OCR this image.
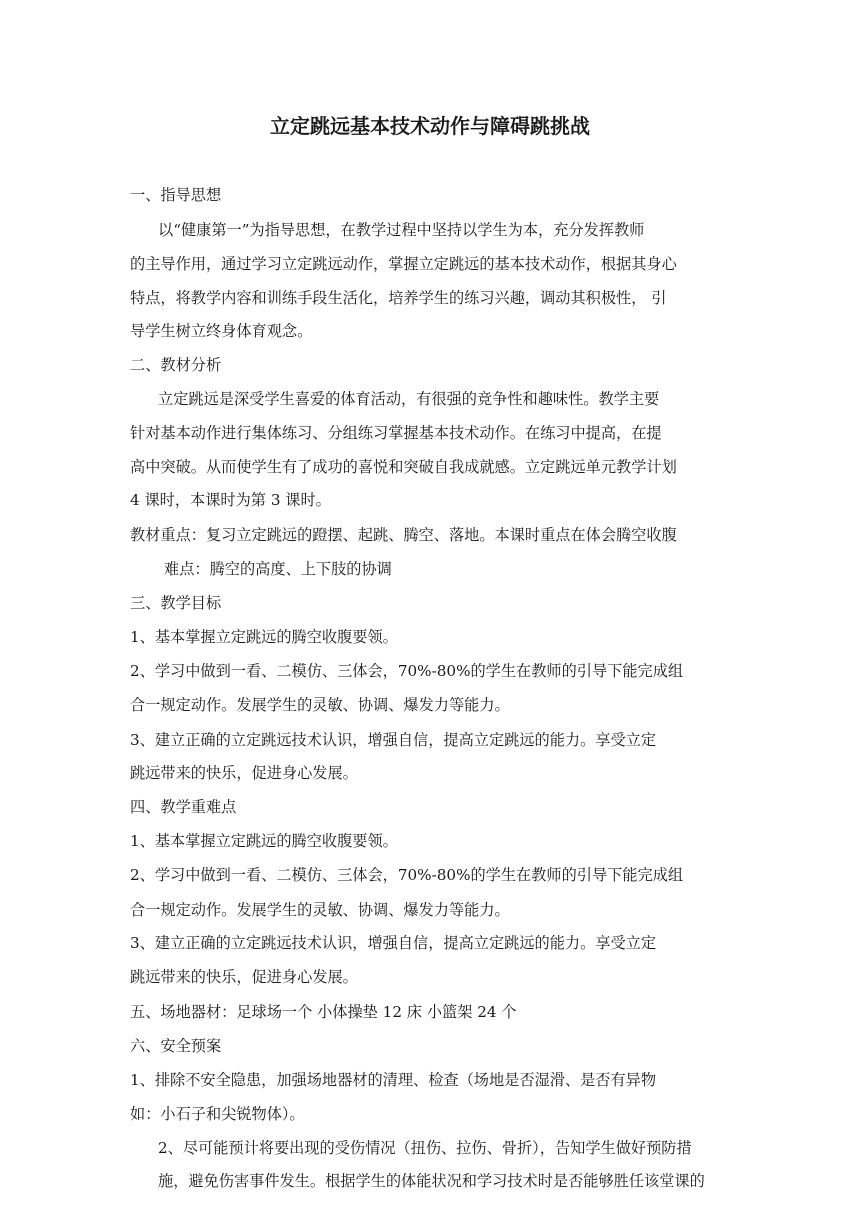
立定跳远基本技术动作与障碍跳挑战
一、指导思想
以“健康第一”为指导思想，在教学过程中坚持以学生为本，充分发挥教师
的主导作用，通过学习立定跳远动作，掌握立定跳远的基本技术动作，根据其身心
特点，将教学内容和训练手段生活化，培养学生的练习兴趣，调动其积极性， 引
导学生树立终身体育观念。
二、教材分析
立定跳远是深受学生喜爱的体育活动，有很强的竞争性和趣味性。教学主要
针对基本动作进行集体练习、分组练习掌握基本技术动作。在练习中提高，在提
高中突破。从而使学生有了成功的喜悦和突破自我成就感。立定跳远单元教学计划
4 课时，本课时为第 3 课时。
教材重点：复习立定跳远的蹬摆、起跳、腾空、落地。本课时重点在体会腾空收腹
难点：腾空的高度、上下肢的协调
三、教学目标
1、基本掌握立定跳远的腾空收腹要领。
2、学习中做到一看、二模仿、三体会，70%-80%的学生在教师的引导下能完成组
合一规定动作。发展学生的灵敏、协调、爆发力等能力。
3、建立正确的立定跳远技术认识，增强自信，提高立定跳远的能力。享受立定
跳远带来的快乐，促进身心发展。
四、教学重难点
1、基本掌握立定跳远的腾空收腹要领。
2、学习中做到一看、二模仿、三体会，70%-80%的学生在教师的引导下能完成组
合一规定动作。发展学生的灵敏、协调、爆发力等能力。
3、建立正确的立定跳远技术认识，增强自信，提高立定跳远的能力。享受立定
跳远带来的快乐，促进身心发展。
五、场地器材：足球场一个 小体操垫 12 床 小篮架 24 个
六、安全预案
1、排除不安全隐患，加强场地器材的清理、检查（场地是否湿滑、是否有异物
如：小石子和尖锐物体）。
2、尽可能预计将要出现的受伤情况（扭伤、拉伤、骨折），告知学生做好预防措
施，避免伤害事件发生。根据学生的体能状况和学习技术时是否能够胜任该堂课的
